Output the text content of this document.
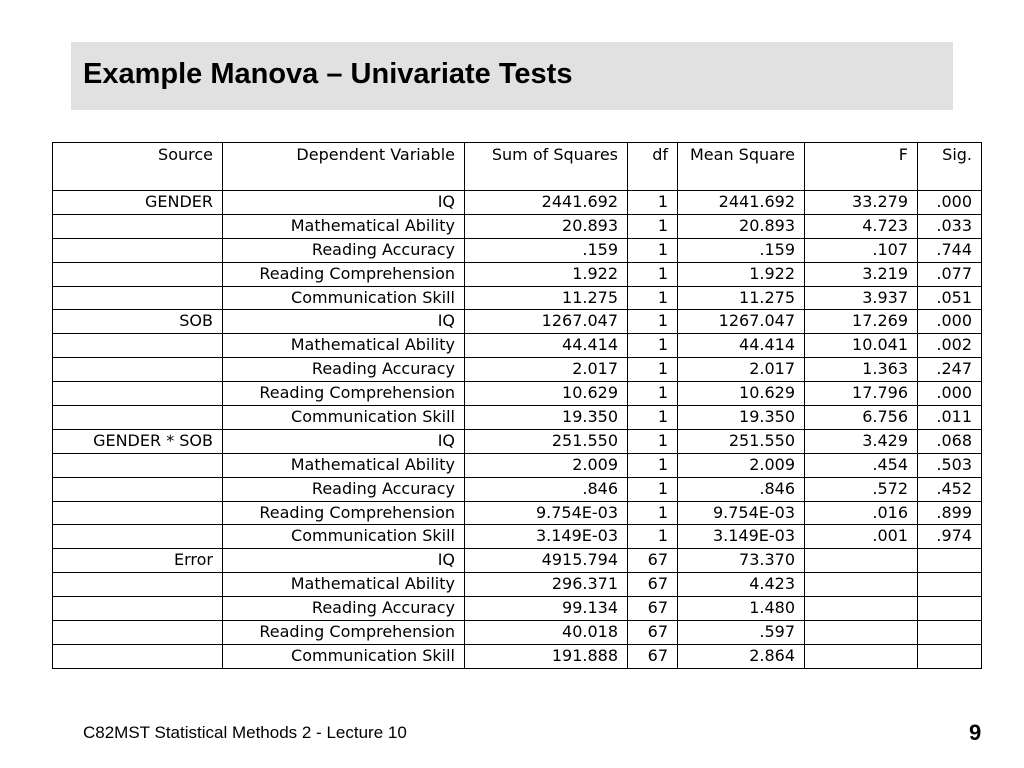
Example Manova – Univariate Tests
Source	Dependent Variable	Sum of Squares	df	Mean Square	F	Sig.
GENDER	IQ	2441.692	1	2441.692	33.279	.000
	Mathematical Ability	20.893	1	20.893	4.723	.033
	Reading Accuracy	.159	1	.159	.107	.744
	Reading Comprehension	1.922	1	1.922	3.219	.077
	Communication Skill	11.275	1	11.275	3.937	.051
SOB	IQ	1267.047	1	1267.047	17.269	.000
	Mathematical Ability	44.414	1	44.414	10.041	.002
	Reading Accuracy	2.017	1	2.017	1.363	.247
	Reading Comprehension	10.629	1	10.629	17.796	.000
	Communication Skill	19.350	1	19.350	6.756	.011
GENDER * SOB	IQ	251.550	1	251.550	3.429	.068
	Mathematical Ability	2.009	1	2.009	.454	.503
	Reading Accuracy	.846	1	.846	.572	.452
	Reading Comprehension	9.754E-03	1	9.754E-03	.016	.899
	Communication Skill	3.149E-03	1	3.149E-03	.001	.974
Error	IQ	4915.794	67	73.370		
	Mathematical Ability	296.371	67	4.423		
	Reading Accuracy	99.134	67	1.480		
	Reading Comprehension	40.018	67	.597		
	Communication Skill	191.888	67	2.864		
C82MST Statistical Methods 2 - Lecture 10	9
